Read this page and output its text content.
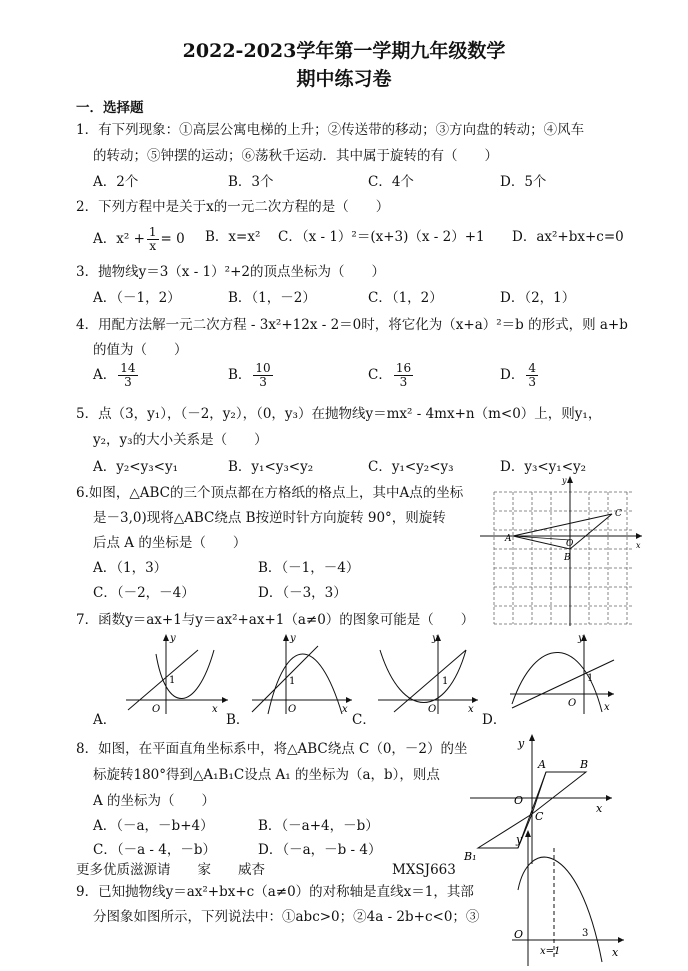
2022-2023学年第一学期九年级数学
期中练习卷
一．选择题
1．有下列现象：①高层公寓电梯的上升；②传送带的移动；③方向盘的转动；④风车
的转动；⑤钟摆的运动；⑥荡秋千运动．其中属于旋转的有（　　）
A．2个	B．3个	C．4个	D．5个
2．下列方程中是关于x的一元二次方程的是（　　）
A．$x^2 + \frac{1}{x} = 0$ B．x=x² C．（x - 1）²＝(x+3)（x - 2）+1 D．ax²+bx+c=0
3．抛物线y＝3（x - 1）²+2的顶点坐标为（　　）
A．（－1，2）	B．（1，－2）	C．（1，2）	D．（2，1）
4．用配方法解一元二次方程 - 3x²+12x - 2＝0时，将它化为（x+a）²＝b 的形式，则 a+b
的值为（　　）
A． $\frac{14}{3}$	B． $\frac{10}{3}$	C． $\frac{16}{3}$	D． $\frac{4}{3}$
5．点（3，y₁），（－2，y₂），（0，y₃）在抛物线y＝mx² - 4mx+n（m<0）上，则y₁，
y₂，y₃的大小关系是（　　）
A．y₂<y₃<y₁	B．y₁<y₃<y₂	C．y₁<y₂<y₃	D．y₃<y₁<y₂
6.如图，△ABC的三个顶点都在方格纸的格点上，其中A点的坐标
是－3,0)现将△ABC绕点 B按逆时针方向旋转 90°，则旋转
后点 A 的坐标是（　　）
A．（1，3）	B．（－1，－4）
C．（－2，－4）	D．（－3，3）
y
x
A
B
C
O
7．函数y＝ax+1与y＝ax²+ax+1（a≠0）的图象可能是（　　）
y
x
O
1
A．
y
x
O
1
B．
y
x
O
1
C．
y
x
O
1
D．
8．如图，在平面直角坐标系中，将△ABC绕点 C（0，－2）的坐
标旋转180°得到△A₁B₁C设点 A₁ 的坐标为（a，b），则点
A 的坐标为（　　）
A．（－a，－b+4）	B．（－a+4，－b）
C．（－a - 4，－b）	D．（－a，－b - 4）
y
x
A	B
C
O
B₁
更多优质滋源请　　家　　威杏	MXSJ663
9．已知抛物线y＝ax²+bx+c（a≠0）的对称轴是直线x＝1，其部
分图象如图所示，下列说法中：①abc>0；②4a - 2b+c<0；③
y
x
O	3
x=1
